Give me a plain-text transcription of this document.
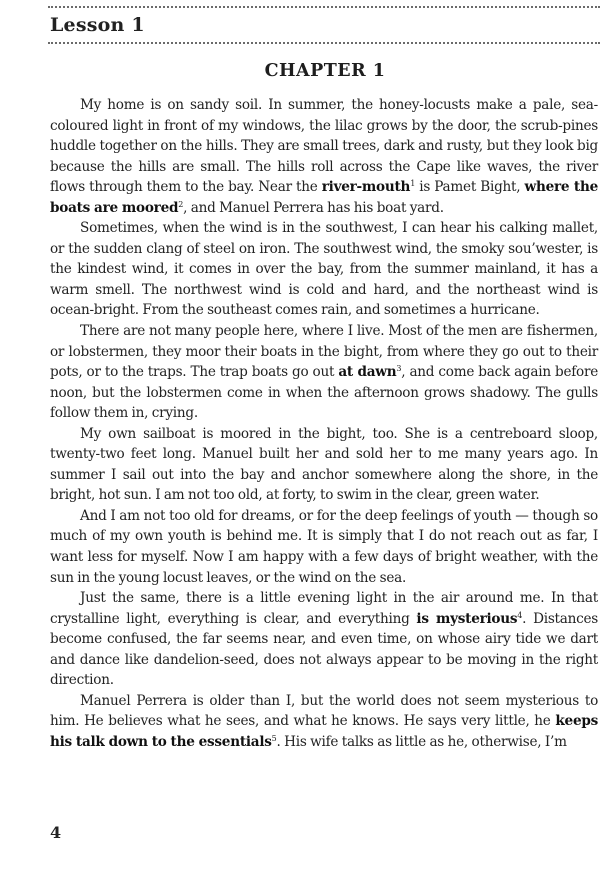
Lesson 1
CHAPTER 1

My home is on sandy soil. In summer, the honey-locusts make a pale, sea-coloured light in front of my windows, the lilac grows by the door, the scrub-pines huddle together on the hills. They are small trees, dark and rusty, but they look big because the hills are small. The hills roll across the Cape like waves, the river flows through them to the bay. Near the river-mouth$^1$ is Pamet Bight, where the boats are moored$^2$, and Manuel Perrera has his boat yard.

Sometimes, when the wind is in the southwest, I can hear his calking mallet, or the sudden clang of steel on iron. The southwest wind, the smoky sou’wester, is the kindest wind, it comes in over the bay, from the summer mainland, it has a warm smell. The northwest wind is cold and hard, and the northeast wind is ocean-bright. From the southeast comes rain, and sometimes a hurricane.

There are not many people here, where I live. Most of the men are fishermen, or lobstermen, they moor their boats in the bight, from where they go out to their pots, or to the traps. The trap boats go out at dawn$^3$, and come back again before noon, but the lobstermen come in when the afternoon grows shadowy. The gulls follow them in, crying.

My own sailboat is moored in the bight, too. She is a centreboard sloop, twenty-two feet long. Manuel built her and sold her to me many years ago. In summer I sail out into the bay and anchor somewhere along the shore, in the bright, hot sun. I am not too old, at forty, to swim in the clear, green water.

And I am not too old for dreams, or for the deep feelings of youth — though so much of my own youth is behind me. It is simply that I do not reach out as far, I want less for myself. Now I am happy with a few days of bright weather, with the sun in the young locust leaves, or the wind on the sea.

Just the same, there is a little evening light in the air around me. In that crystalline light, everything is clear, and everything is mysterious$^4$. Distances become confused, the far seems near, and even time, on whose airy tide we dart and dance like dandelion-seed, does not always appear to be moving in the right direction.

Manuel Perrera is older than I, but the world does not seem mysterious to him. He believes what he sees, and what he knows. He says very little, he keeps his talk down to the essentials$^5$. His wife talks as little as he, otherwise, I’m

4
